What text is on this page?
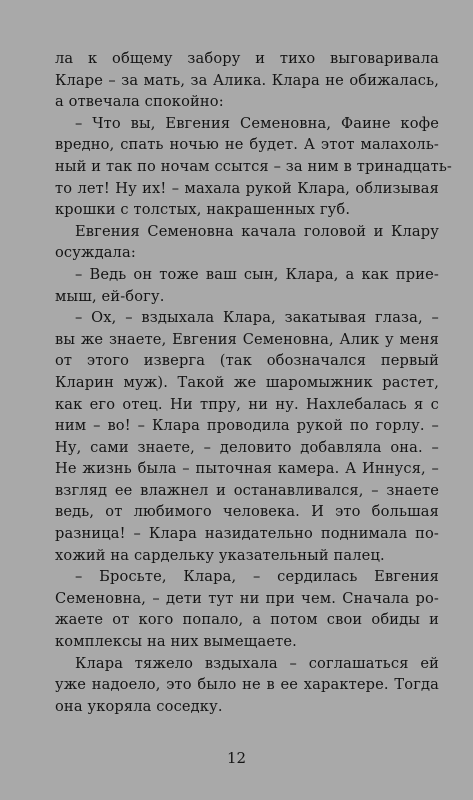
ла к общему забору и тихо выговаривала
Кларе – за мать, за Алика. Клара не обижалась,
а отвечала спокойно:
– Что вы, Евгения Семеновна, Фаине кофе
вредно, спать ночью не будет. А этот малахоль-
ный и так по ночам ссытся – за ним в тринадцать-
то лет! Ну их! – махала рукой Клара, облизывая
крошки с толстых, накрашенных губ.
Евгения Семеновна качала головой и Клару
осуждала:
– Ведь он тоже ваш сын, Клара, а как прие-
мыш, ей-богу.
– Ох, – вздыхала Клара, закатывая глаза, –
вы же знаете, Евгения Семеновна, Алик у меня
от этого изверга (так обозначался первый
Кларин муж). Такой же шаромыжник растет,
как его отец. Ни тпру, ни ну. Нахлебалась я с
ним – во! – Клара проводила рукой по горлу. –
Ну, сами знаете, – деловито добавляла она. –
Не жизнь была – пыточная камера. А Иннуся, –
взгляд ее влажнел и останавливался, – знаете
ведь, от любимого человека. И это большая
разница! – Клара назидательно поднимала по-
хожий на сардельку указательный палец.
– Бросьте, Клара, – сердилась Евгения
Семеновна, – дети тут ни при чем. Сначала ро-
жаете от кого попало, а потом свои обиды и
комплексы на них вымещаете.
Клара тяжело вздыхала – соглашаться ей
уже надоело, это было не в ее характере. Тогда
она укоряла соседку.
12
